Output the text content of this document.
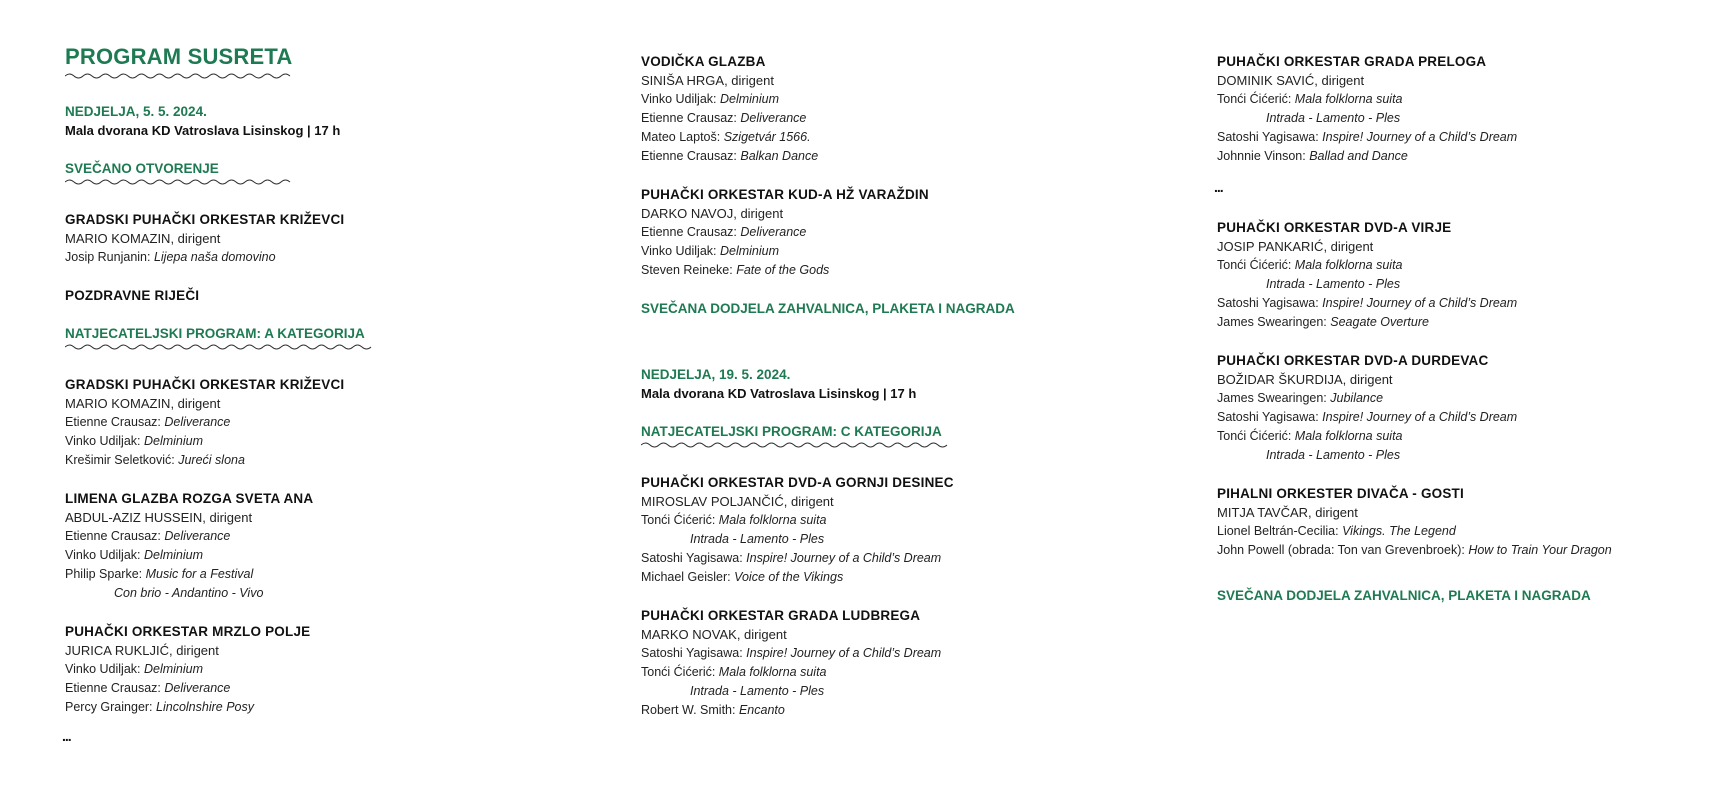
PROGRAM SUSRETA
NEDJELJA, 5. 5. 2024.
Mala dvorana KD Vatroslava Lisinskog | 17 h
SVEČANO OTVORENJE
GRADSKI PUHAČKI ORKESTAR KRIŽEVCI
MARIO KOMAZIN, dirigent
Josip Runjanin: Lijepa naša domovino
POZDRAVNE RIJEČI
NATJECATELJSKI PROGRAM: A KATEGORIJA
GRADSKI PUHAČKI ORKESTAR KRIŽEVCI
MARIO KOMAZIN, dirigent
Etienne Crausaz: Deliverance
Vinko Udiljak: Delminium
Krešimir Seletković: Jureći slona
LIMENA GLAZBA ROZGA SVETA ANA
ABDUL-AZIZ HUSSEIN, dirigent
Etienne Crausaz: Deliverance
Vinko Udiljak: Delminium
Philip Sparke: Music for a Festival
Con brio - Andantino - Vivo
PUHAČKI ORKESTAR MRZLO POLJE
JURICA RUKLJIĆ, dirigent
Vinko Udiljak: Delminium
Etienne Crausaz: Deliverance
Percy Grainger: Lincolnshire Posy
...
VODIČKA GLAZBA
SINIŠA HRGA, dirigent
Vinko Udiljak: Delminium
Etienne Crausaz: Deliverance
Mateo Laptoš: Szigetvár 1566.
Etienne Crausaz: Balkan Dance
PUHAČKI ORKESTAR KUD-A HŽ VARAŽDIN
DARKO NAVOJ, dirigent
Etienne Crausaz: Deliverance
Vinko Udiljak: Delminium
Steven Reineke: Fate of the Gods
SVEČANA DODJELA ZAHVALNICA, PLAKETA I NAGRADA
NEDJELJA, 19. 5. 2024.
Mala dvorana KD Vatroslava Lisinskog | 17 h
NATJECATELJSKI PROGRAM: C KATEGORIJA
PUHAČKI ORKESTAR DVD-A GORNJI DESINEC
MIROSLAV POLJANČIĆ, dirigent
Tonći Ćićerić: Mala folklorna suita
Intrada - Lamento - Ples
Satoshi Yagisawa: Inspire! Journey of a Child’s Dream
Michael Geisler: Voice of the Vikings
PUHAČKI ORKESTAR GRADA LUDBREGA
MARKO NOVAK, dirigent
Satoshi Yagisawa: Inspire! Journey of a Child’s Dream
Tonći Ćićerić: Mala folklorna suita
Intrada - Lamento - Ples
Robert W. Smith: Encanto
PUHAČKI ORKESTAR GRADA PRELOGA
DOMINIK SAVIĆ, dirigent
Tonći Ćićerić: Mala folklorna suita
Intrada - Lamento - Ples
Satoshi Yagisawa: Inspire! Journey of a Child’s Dream
Johnnie Vinson: Ballad and Dance
...
PUHAČKI ORKESTAR DVD-A VIRJE
JOSIP PANKARIĆ, dirigent
Tonći Ćićerić: Mala folklorna suita
Intrada - Lamento - Ples
Satoshi Yagisawa: Inspire! Journey of a Child’s Dream
James Swearingen: Seagate Overture
PUHAČKI ORKESTAR DVD-A DURDEVAC
BOŽIDAR ŠKURDIJA, dirigent
James Swearingen: Jubilance
Satoshi Yagisawa: Inspire! Journey of a Child’s Dream
Tonći Ćićerić: Mala folklorna suita
Intrada - Lamento - Ples
PIHALNI ORKESTER DIVAČA - GOSTI
MITJA TAVČAR, dirigent
Lionel Beltrán-Cecilia: Vikings. The Legend
John Powell (obrada: Ton van Grevenbroek): How to Train Your Dragon
SVEČANA DODJELA ZAHVALNICA, PLAKETA I NAGRADA
